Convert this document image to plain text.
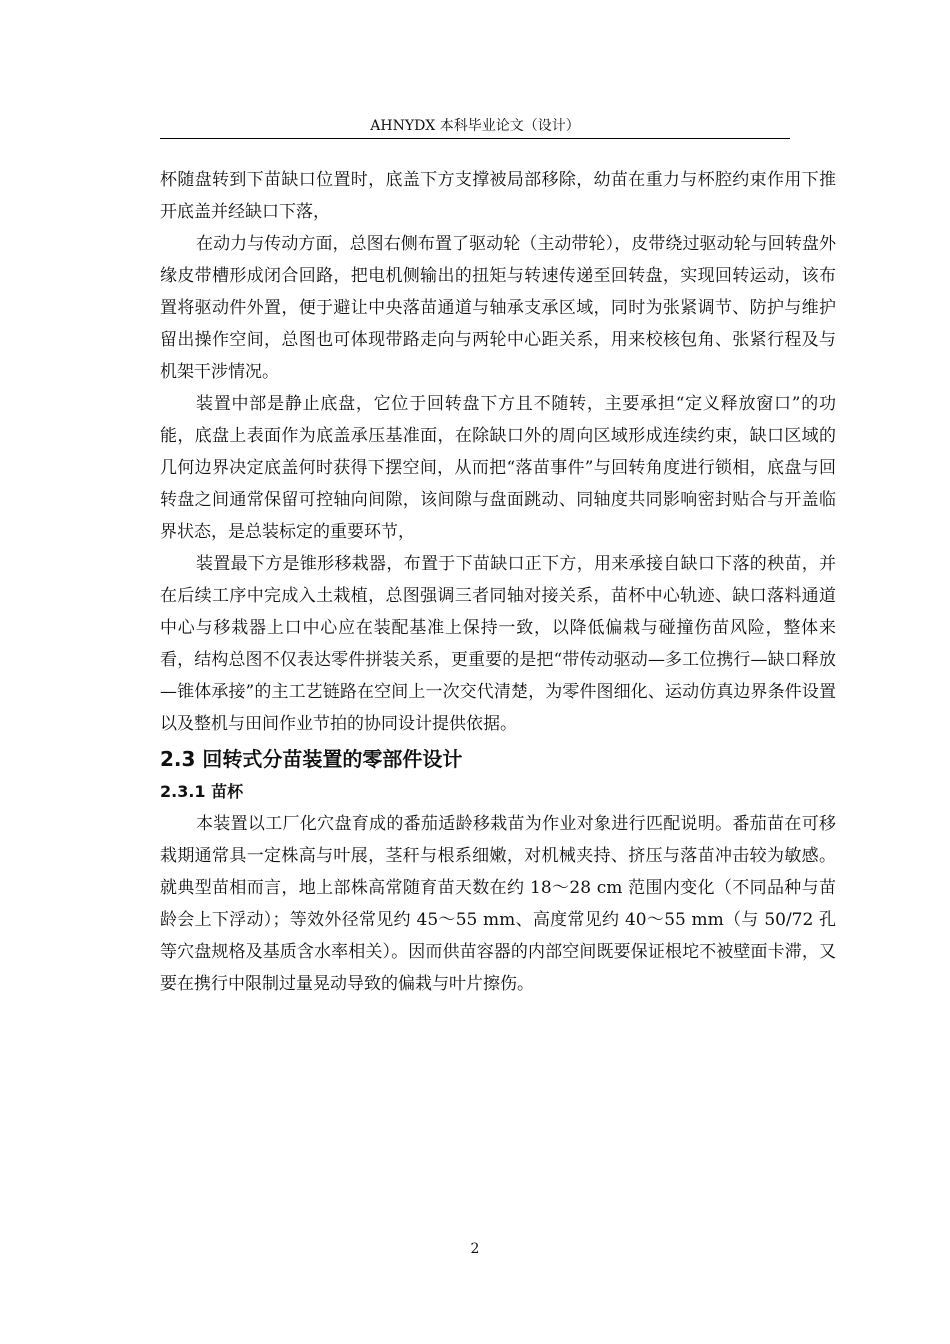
AHNYDX 本科毕业论文（设计）

杯随盘转到下苗缺口位置时，底盖下方支撑被局部移除，幼苗在重力与杯腔约束作用下推开底盖并经缺口下落，

在动力与传动方面，总图右侧布置了驱动轮（主动带轮），皮带绕过驱动轮与回转盘外缘皮带槽形成闭合回路，把电机侧输出的扭矩与转速传递至回转盘，实现回转运动，该布置将驱动件外置，便于避让中央落苗通道与轴承支承区域，同时为张紧调节、防护与维护留出操作空间，总图也可体现带路走向与两轮中心距关系，用来校核包角、张紧行程及与机架干涉情况。

装置中部是静止底盘，它位于回转盘下方且不随转，主要承担“定义释放窗口”的功能，底盘上表面作为底盖承压基准面，在除缺口外的周向区域形成连续约束，缺口区域的几何边界决定底盖何时获得下摆空间，从而把“落苗事件”与回转角度进行锁相，底盘与回转盘之间通常保留可控轴向间隙，该间隙与盘面跳动、同轴度共同影响密封贴合与开盖临界状态，是总装标定的重要环节，

装置最下方是锥形移栽器，布置于下苗缺口正下方，用来承接自缺口下落的秧苗，并在后续工序中完成入土栽植，总图强调三者同轴对接关系，苗杯中心轨迹、缺口落料通道中心与移栽器上口中心应在装配基准上保持一致，以降低偏栽与碰撞伤苗风险，整体来看，结构总图不仅表达零件拼装关系，更重要的是把“带传动驱动—多工位携行—缺口释放—锥体承接”的主工艺链路在空间上一次交代清楚，为零件图细化、运动仿真边界条件设置以及整机与田间作业节拍的协同设计提供依据。

2.3 回转式分苗装置的零部件设计
2.3.1 苗杯

本装置以工厂化穴盘育成的番茄适龄移栽苗为作业对象进行匹配说明。番茄苗在可移栽期通常具一定株高与叶展，茎秆与根系细嫩，对机械夹持、挤压与落苗冲击较为敏感。就典型苗相而言，地上部株高常随育苗天数在约 18～28 cm 范围内变化（不同品种与苗龄会上下浮动）；等效外径常见约 45～55 mm、高度常见约 40～55 mm（与 50/72 孔等穴盘规格及基质含水率相关）。因而供苗容器的内部空间既要保证根坨不被壁面卡滞，又要在携行中限制过量晃动导致的偏栽与叶片擦伤。

2
